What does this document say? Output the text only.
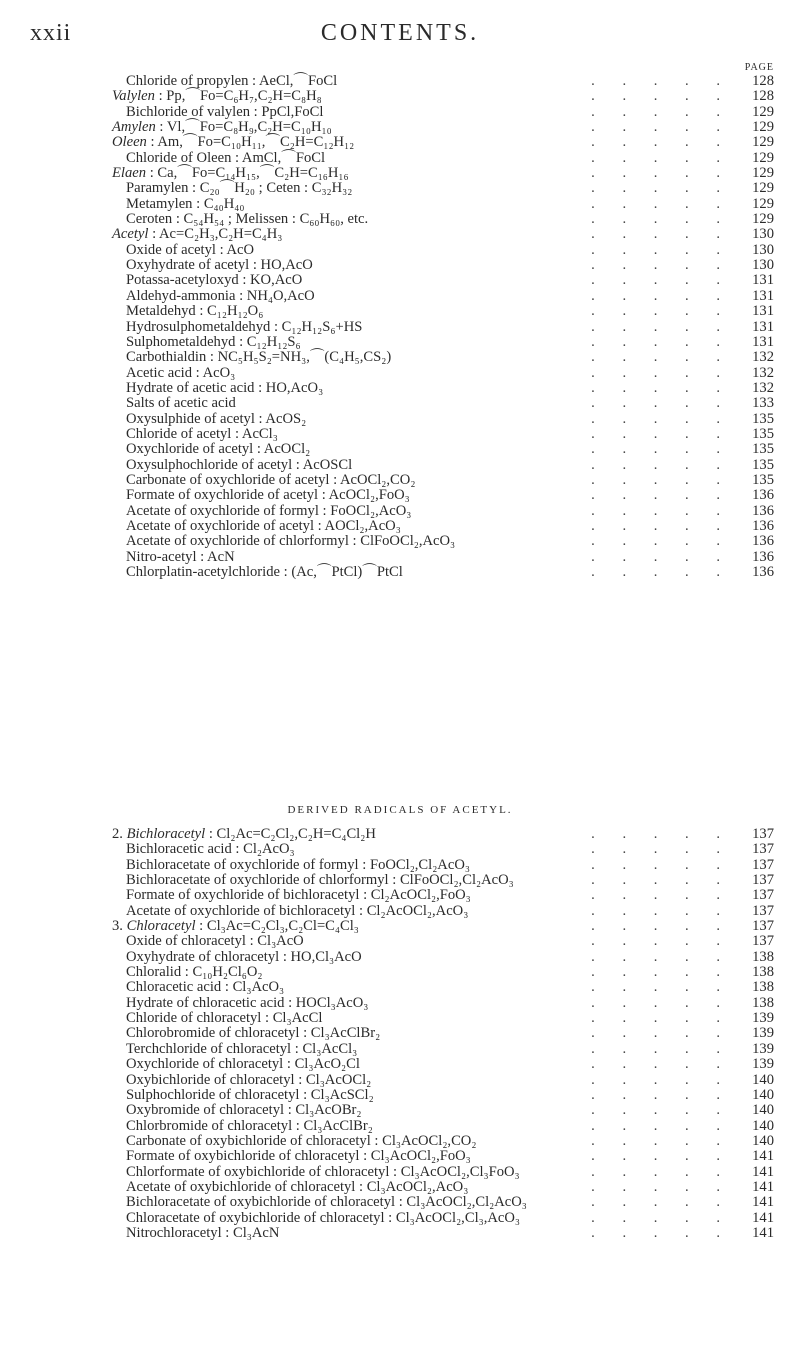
xxii	CONTENTS.
PAGE
Chloride of propylen : AeCl,⌒FoCl	. . . . .	128
Valylen : Pp,⌒Fo=C₆H₇,C₂H=C₈H₈	. . . . .	128
Bichloride of valylen : PpCl,FoCl	. . . . .	129
Amylen : Vl,⌒Fo=C₈H₉,C₂H=C₁₀H₁₀	. . . . .	129
Oleen : Am,⌒Fo=C₁₀H₁₁,⌒C₂H=C₁₂H₁₂	. . . . .	129
Chloride of Oleen : AmCl,⌒FoCl	. . . . .	129
Elaen : Ca,⌒Fo=C₁₄H₁₅,⌒C₂H=C₁₆H₁₆	. . . . .	129
Paramylen : C₂₀⌒H₂₀ ; Ceten : C₃₂H₃₂	. . . . .	129
Metamylen : C₄₀H₄₀	. . . . .	129
Ceroten : C₅₄H₅₄ ; Melissen : C₆₀H₆₀, etc.	. . . . .	129
Acetyl : Ac=C₂H₃,C₂H=C₄H₃	. . . . .	130
Oxide of acetyl : AcO	. . . . .	130
Oxyhydrate of acetyl : HO,AcO	. . . . .	130
Potassa-acetyloxyd : KO,AcO	. . . . .	131
Aldehyd-ammonia : NH₄O,AcO	. . . . .	131
Metaldehyd : C₁₂H₁₂O₆	. . . . .	131
Hydrosulphometaldehyd : C₁₂H₁₂S₆+HS	. . . . .	131
Sulphometaldehyd : C₁₂H₁₂S₆	. . . . .	131
Carbothialdin : NC₅H₅S₂=NH₃,⌒(C₄H₅,CS₂)	. . . . .	132
Acetic acid : AcO₃	. . . . .	132
Hydrate of acetic acid : HO,AcO₃	. . . . .	132
Salts of acetic acid	. . . . .	133
Oxysulphide of acetyl : AcOS₂	. . . . .	135
Chloride of acetyl : AcCl₃	. . . . .	135
Oxychloride of acetyl : AcOCl₂	. . . . .	135
Oxysulphochloride of acetyl : AcOSCl	. . . . .	135
Carbonate of oxychloride of acetyl : AcOCl₂,CO₂	. . . . .	135
Formate of oxychloride of acetyl : AcOCl₂,FoO₃	. . . . .	136
Acetate of oxychloride of formyl : FoOCl₂,AcO₃	. . . . .	136
Acetate of oxychloride of acetyl : AOCl₂,AcO₃	. . . . .	136
Acetate of oxychloride of chlorformyl : ClFoOCl₂,AcO₃	. . . . .	136
Nitro-acetyl : AcN	. . . . .	136
Chlorplatin-acetylchloride : (Ac,⌒PtCl)⌒PtCl	. . . . .	136
DERIVED RADICALS OF ACETYL.
2. Bichloracetyl : Cl₂Ac=C₂Cl₂,C₂H=C₄Cl₂H	. . . . .	137
Bichloracetic acid : Cl₂AcO₃	. . . . .	137
Bichloracetate of oxychloride of formyl : FoOCl₂,Cl₂AcO₃	. . . . .	137
Bichloracetate of oxychloride of chlorformyl : ClFoOCl₂,Cl₂AcO₃	. . . . .	137
Formate of oxychloride of bichloracetyl : Cl₂AcOCl₂,FoO₃	. . . . .	137
Acetate of oxychloride of bichloracetyl : Cl₂AcOCl₂,AcO₃	. . . . .	137
3. Chloracetyl : Cl₃Ac=C₂Cl₃,C₂Cl=C₄Cl₃	. . . . .	137
Oxide of chloracetyl : Cl₃AcO	. . . . .	137
Oxyhydrate of chloracetyl : HO,Cl₃AcO	. . . . .	138
Chloralid : C₁₀H₂Cl₆O₂	. . . . .	138
Chloracetic acid : Cl₃AcO₃	. . . . .	138
Hydrate of chloracetic acid : HOCl₃AcO₃	. . . . .	138
Chloride of chloracetyl : Cl₃AcCl	. . . . .	139
Chlorobromide of chloracetyl : Cl₃AcClBr₂	. . . . .	139
Terchchloride of chloracetyl : Cl₃AcCl₃	. . . . .	139
Oxychloride of chloracetyl : Cl₃AcO₂Cl	. . . . .	139
Oxybichloride of chloracetyl : Cl₃AcOCl₂	. . . . .	140
Sulphochloride of chloracetyl : Cl₃AcSCl₂	. . . . .	140
Oxybromide of chloracetyl : Cl₃AcOBr₂	. . . . .	140
Chlorbromide of chloracetyl : Cl₃AcClBr₂	. . . . .	140
Carbonate of oxybichloride of chloracetyl : Cl₃AcOCl₂,CO₂	. . . . .	140
Formate of oxybichloride of chloracetyl : Cl₃AcOCl₂,FoO₃	. . . . .	141
Chlorformate of oxybichloride of chloracetyl : Cl₃AcOCl₂,Cl₃FoO₃	. . . . .	141
Acetate of oxybichloride of chloracetyl : Cl₃AcOCl₂,AcO₃	. . . . .	141
Bichloracetate of oxybichloride of chloracetyl : Cl₃AcOCl₂,Cl₂AcO₃	. . . . .	141
Chloracetate of oxybichloride of chloracetyl : Cl₃AcOCl₂,Cl₃,AcO₃	. . . . .	141
Nitrochloracetyl : Cl₃AcN	. . . . .	141
